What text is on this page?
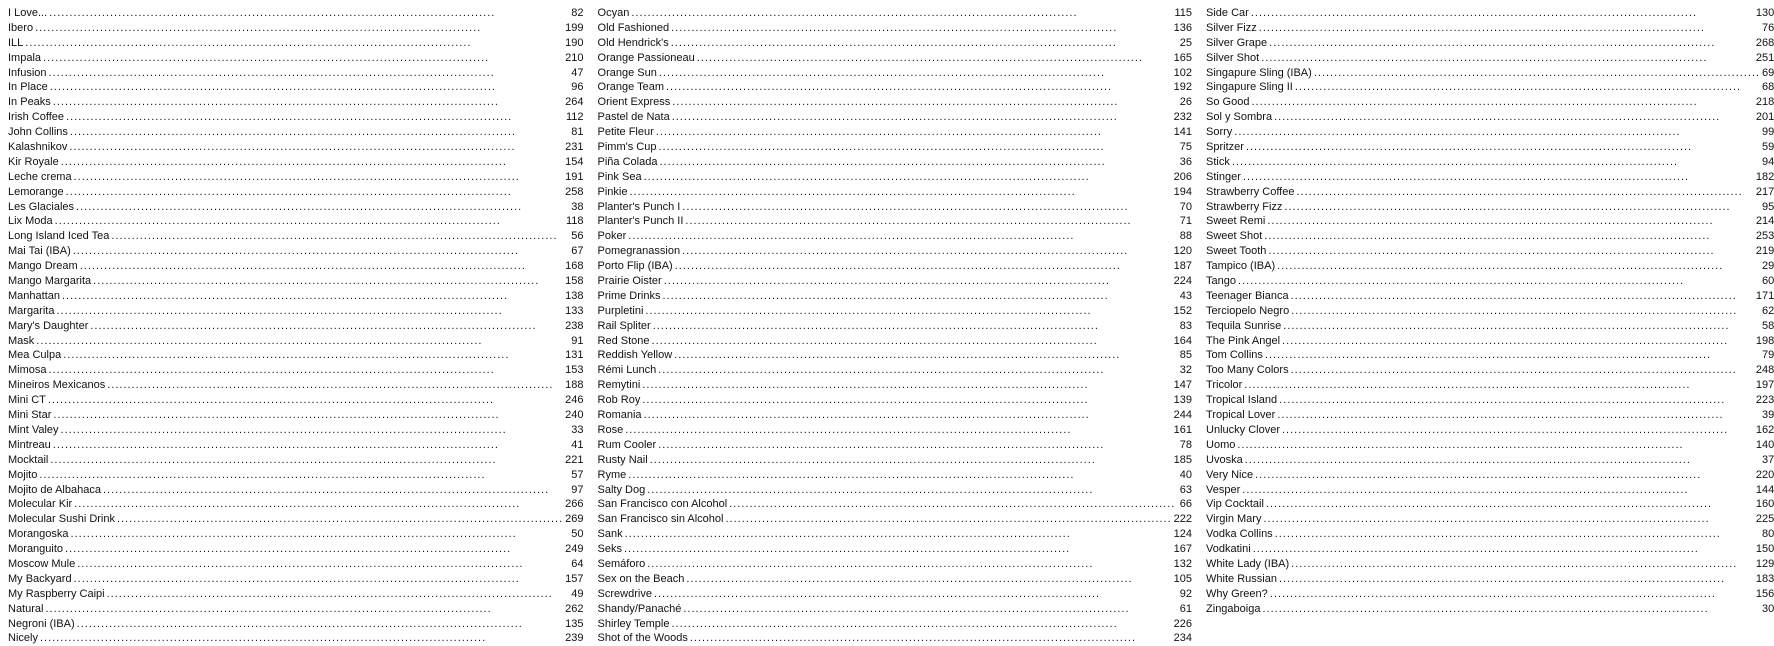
I Love... .....	82
Ibero .....	199
ILL .....	190
Impala .....	210
Infusion .....	47
In Place .....	96
In Peaks .....	264
Irish Coffee .....	112
John Collins .....	81
Kalashnikov .....	231
Kir Royale .....	154
Leche crema .....	191
Lemorange .....	258
Les Glaciales .....	38
Lix Moda .....	118
Long Island Iced Tea .....	56
Mai Tai (IBA) .....	67
Mango Dream .....	168
Mango Margarita .....	158
Manhattan .....	138
Margarita .....	133
Mary's Daughter .....	238
Mask .....	91
Mea Culpa .....	131
Mimosa .....	153
Mineiros Mexicanos .....	188
Mini CT .....	246
Mini Star .....	240
Mint Valey .....	33
Mintreau .....	41
Mocktail .....	221
Mojito .....	57
Mojito de Albahaca .....	97
Molecular Kir .....	266
Molecular Sushi Drink .....	269
Morangoska .....	50
Moranguito .....	249
Moscow Mule .....	64
My Backyard .....	157
My Raspberry Caipi .....	49
Natural .....	262
Negroni (IBA) .....	135
Nicely .....	239
Ocyan .....	115
Old Fashioned .....	136
Old Hendrick's .....	25
Orange Passioneau .....	165
Orange Sun .....	102
Orange Team .....	192
Orient Express .....	26
Pastel de Nata .....	232
Petite Fleur .....	141
Pimm's Cup .....	75
Piña Colada .....	36
Pink Sea .....	206
Pinkie .....	194
Planter's Punch I .....	70
Planter's Punch II .....	71
Poker .....	88
Pomegranassion .....	120
Porto Flip (IBA) .....	187
Prairie Oister .....	224
Prime Drinks .....	43
Purpletini .....	152
Rail Spliter .....	83
Red Stone .....	164
Reddish Yellow .....	85
Rémi Lunch .....	32
Remytini .....	147
Rob Roy .....	139
Romania .....	244
Rose .....	161
Rum Cooler .....	78
Rusty Nail .....	185
Ryme .....	40
Salty Dog .....	63
San Francisco con Alcohol .....	66
San Francisco sin Alcohol .....	222
Sank .....	124
Seks .....	167
Semáforo .....	132
Sex on the Beach .....	105
Screwdrive .....	92
Shandy/Panaché .....	61
Shirley Temple .....	226
Shot of the Woods .....	234
Side Car .....	130
Silver Fizz .....	76
Silver Grape .....	268
Silver Shot .....	251
Singapure Sling (IBA) .....	69
Singapure Sling II .....	68
So Good .....	218
Sol y Sombra .....	201
Sorry .....	99
Spritzer .....	59
Stick .....	94
Stinger .....	182
Strawberry Coffee .....	217
Strawberry Fizz .....	95
Sweet Remi .....	214
Sweet Shot .....	253
Sweet Tooth .....	219
Tampico (IBA) .....	29
Tango .....	60
Teenager Bianca .....	171
Terciopelo Negro .....	62
Tequila Sunrise .....	58
The Pink Angel .....	198
Tom Collins .....	79
Too Many Colors .....	248
Tricolor .....	197
Tropical Island .....	223
Tropical Lover .....	39
Unlucky Clover .....	162
Uomo .....	140
Uvoska .....	37
Very Nice .....	220
Vesper .....	144
Vip Cocktail .....	160
Virgin Mary .....	225
Vodka Collins .....	80
Vodkatini .....	150
White Lady (IBA) .....	129
White Russian .....	183
Why Green? .....	156
Zingaboiga .....	30
